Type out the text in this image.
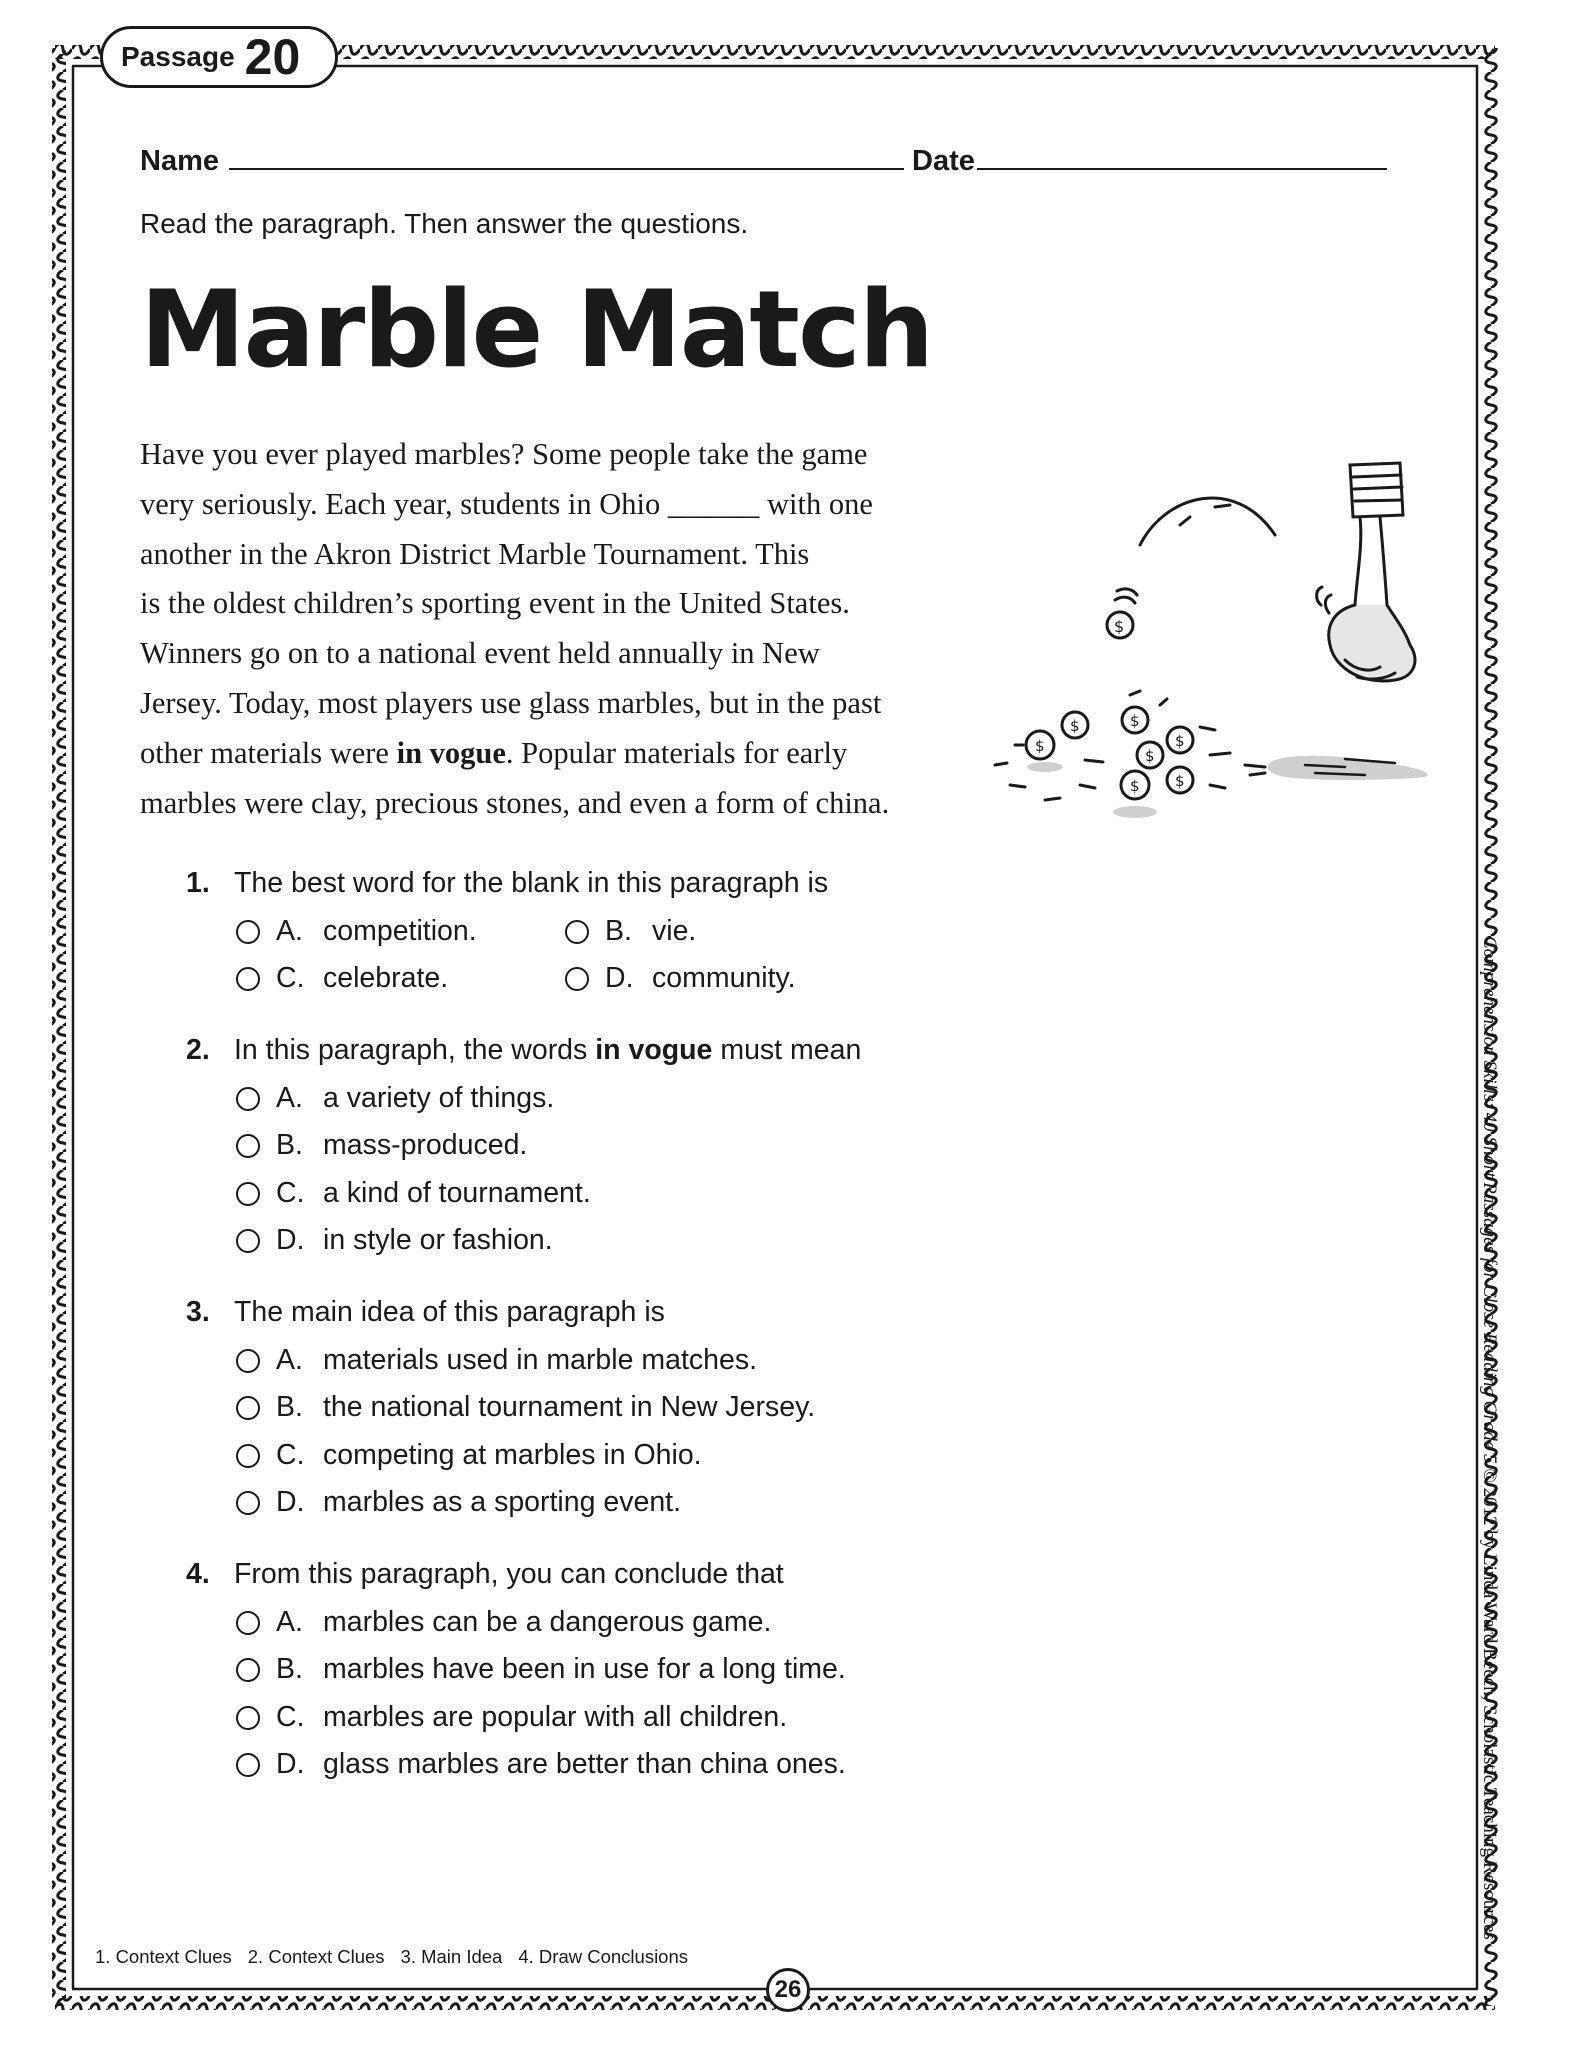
Passage 20
Name	Date
Read the paragraph. Then answer the questions.
Marble Match
Have you ever played marbles? Some people take the game
very seriously. Each year, students in Ohio ______ with one
another in the Akron District Marble Tournament. This
is the oldest children’s sporting event in the United States.
Winners go on to a national event held annually in New
Jersey. Today, most players use glass marbles, but in the past
other materials were in vogue. Popular materials for early
marbles were clay, precious stones, and even a form of china.
$
$
$	$
$
$
$ $
1. The best word for the blank in this paragraph is
A. competition.	B. vie.
C. celebrate.	D. community.
2. In this paragraph, the words in vogue must mean
A. a variety of things.
B. mass-produced.
C. a kind of tournament.
D. in style or fashion.
3. The main idea of this paragraph is
A. materials used in marble matches.
B. the national tournament in New Jersey.
C. competing at marbles in Ohio.
D. marbles as a sporting event.
4. From this paragraph, you can conclude that
A. marbles can be a dangerous game.
B. marbles have been in use for a long time.
C. marbles are popular with all children.
D. glass marbles are better than china ones.
Comprehension Skills: 40 Short Passages for Close Reading Grade 5 © 2012 by Linda Ward Beech, Scholastic Teaching Resources
1. Context Clues 2. Context Clues 3. Main Idea 4. Draw Conclusions
26
